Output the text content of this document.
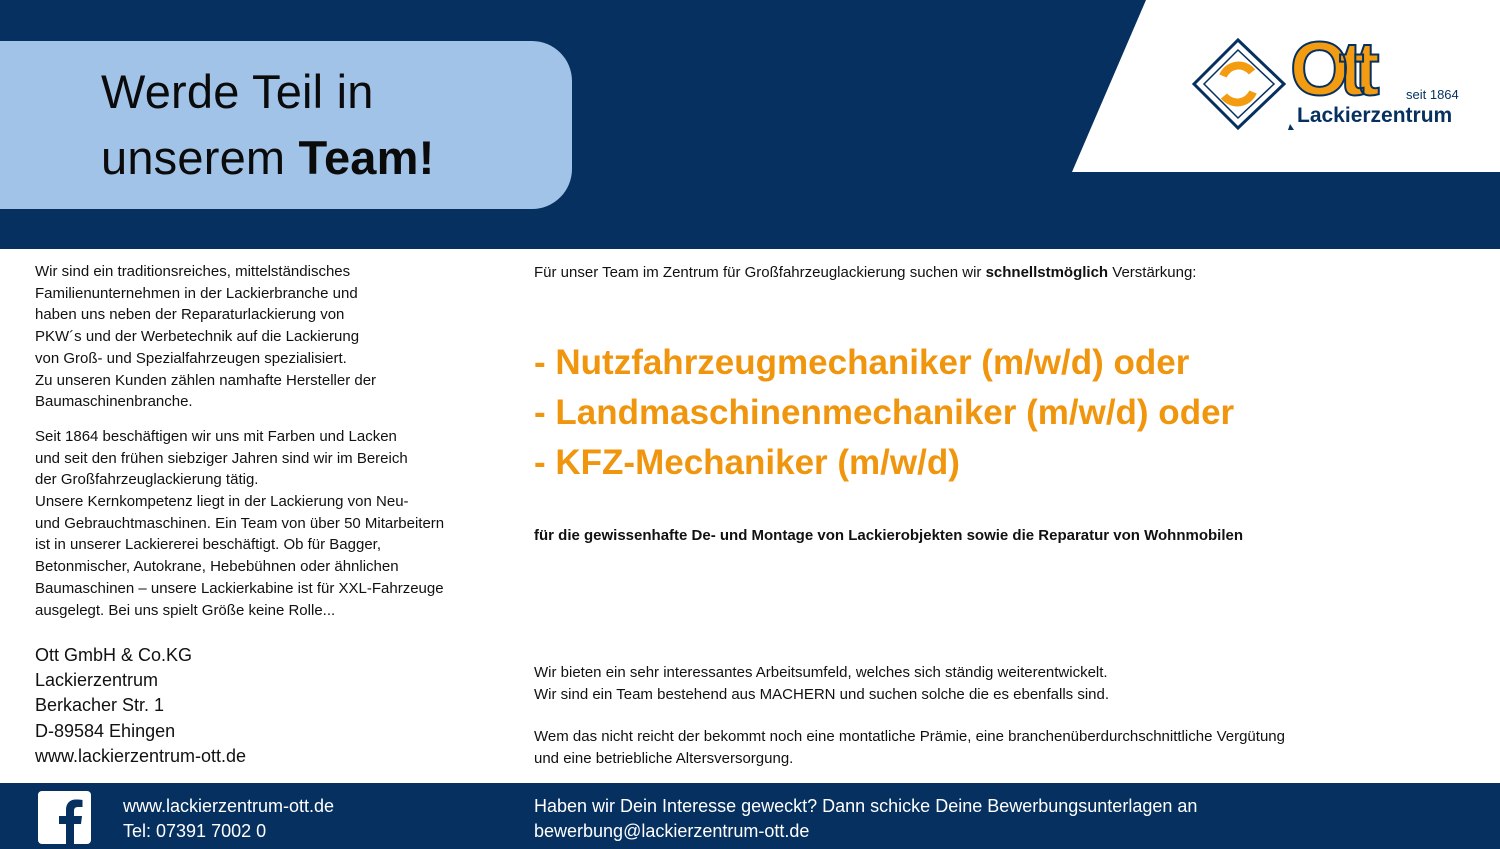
Werde Teil in
unserem Team!
Ott	seit 1864
Lackierzentrum

Wir sind ein traditionsreiches, mittelständisches
Familienunternehmen in der Lackierbranche und
haben uns neben der Reparaturlackierung von
PKW´s und der Werbetechnik auf die Lackierung
von Groß- und Spezialfahrzeugen spezialisiert.
Zu unseren Kunden zählen namhafte Hersteller der
Baumaschinenbranche.

Seit 1864 beschäftigen wir uns mit Farben und Lacken
und seit den frühen siebziger Jahren sind wir im Bereich
der Großfahrzeuglackierung tätig.
Unsere Kernkompetenz liegt in der Lackierung von Neu-
und Gebrauchtmaschinen. Ein Team von über 50 Mitarbeitern
ist in unserer Lackiererei beschäftigt. Ob für Bagger,
Betonmischer, Autokrane, Hebebühnen oder ähnlichen
Baumaschinen – unsere Lackierkabine ist für XXL-Fahrzeuge
ausgelegt. Bei uns spielt Größe keine Rolle...

Ott GmbH & Co.KG
Lackierzentrum
Berkacher Str. 1
D-89584 Ehingen
www.lackierzentrum-ott.de
Für unser Team im Zentrum für Großfahrzeuglackierung suchen wir schnellstmöglich Verstärkung:
- Nutzfahrzeugmechaniker (m/w/d) oder
- Landmaschinenmechaniker (m/w/d) oder
- KFZ-Mechaniker (m/w/d)
für die gewissenhafte De- und Montage von Lackierobjekten sowie die Reparatur von Wohnmobilen

Wir bieten ein sehr interessantes Arbeitsumfeld, welches sich ständig weiterentwickelt.

Wir sind ein Team bestehend aus MACHERN und suchen solche die es ebenfalls sind.

Wem das nicht reicht der bekommt noch eine montatliche Prämie, eine branchenüberdurchschnittliche Vergütung

und eine betriebliche Altersversorgung.

www.lackierzentrum-ott.de
Tel: 07391 7002 0
Haben wir Dein Interesse geweckt? Dann schicke Deine Bewerbungsunterlagen an
bewerbung@lackierzentrum-ott.de
